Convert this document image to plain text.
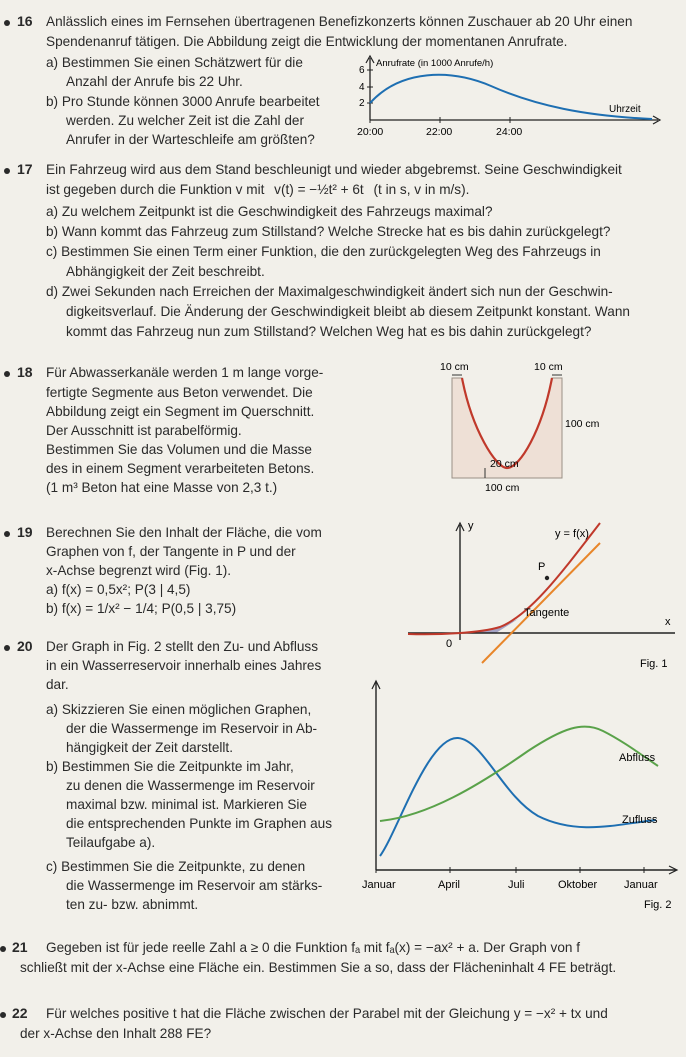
16 Anlässlich eines im Fernsehen übertragenen Benefizkonzerts können Zuschauer ab 20 Uhr einen
Spendenanruf tätigen. Die Abbildung zeigt die Entwicklung der momentanen Anrufrate.
a) Bestimmen Sie einen Schätzwert für die
Anzahl der Anrufe bis 22 Uhr.
b) Pro Stunde können 3000 Anrufe bearbeitet
werden. Zu welcher Zeit ist die Zahl der
Anrufer in der Warteschleife am größten?
6
4
2
20:00	22:00	24:00
Anrufrate (in 1000 Anrufe/h)
Uhrzeit
17 Ein Fahrzeug wird aus dem Stand beschleunigt und wieder abgebremst. Seine Geschwindigkeit
ist gegeben durch die Funktion v mit v(t) = −½t² + 6t (t in s, v in m/s).
a) Zu welchem Zeitpunkt ist die Geschwindigkeit des Fahrzeugs maximal?
b) Wann kommt das Fahrzeug zum Stillstand? Welche Strecke hat es bis dahin zurückgelegt?
c) Bestimmen Sie einen Term einer Funktion, die den zurückgelegten Weg des Fahrzeugs in
Abhängigkeit der Zeit beschreibt.
d) Zwei Sekunden nach Erreichen der Maximalgeschwindigkeit ändert sich nun der Geschwin-
digkeitsverlauf. Die Änderung der Geschwindigkeit bleibt ab diesem Zeitpunkt konstant. Wann
kommt das Fahrzeug nun zum Stillstand? Welchen Weg hat es bis dahin zurückgelegt?
18 Für Abwasserkanäle werden 1 m lange vorge-
fertigte Segmente aus Beton verwendet. Die
Abbildung zeigt ein Segment im Querschnitt.
Der Ausschnitt ist parabelförmig.
Bestimmen Sie das Volumen und die Masse
des in einem Segment verarbeiteten Betons.
(1 m³ Beton hat eine Masse von 2,3 t.)
10 cm	10 cm
100 cm
20 cm
100 cm
19 Berechnen Sie den Inhalt der Fläche, die vom
Graphen von f, der Tangente in P und der
x-Achse begrenzt wird (Fig. 1).
a) f(x) = 0,5x²; P(3 | 4,5)
b) f(x) = 1/x² − 1/4; P(0,5 | 3,75)
y
x
0
P
y = f(x)
Tangente
Fig. 1
20 Der Graph in Fig. 2 stellt den Zu- und Abfluss
in ein Wasserreservoir innerhalb eines Jahres
dar.
a) Skizzieren Sie einen möglichen Graphen,
der die Wassermenge im Reservoir in Ab-
hängigkeit der Zeit darstellt.
b) Bestimmen Sie die Zeitpunkte im Jahr,
zu denen die Wassermenge im Reservoir
maximal bzw. minimal ist. Markieren Sie
die entsprechenden Punkte im Graphen aus
Teilaufgabe a).
c) Bestimmen Sie die Zeitpunkte, zu denen
die Wassermenge im Reservoir am stärks-
ten zu- bzw. abnimmt.
Abfluss
Zufluss
Januar	April	Juli	Oktober Januar
Fig. 2
21 Gegeben ist für jede reelle Zahl a ≥ 0 die Funktion fₐ mit fₐ(x) = −ax² + a. Der Graph von f
schließt mit der x-Achse eine Fläche ein. Bestimmen Sie a so, dass der Flächeninhalt 4 FE beträgt.
22 Für welches positive t hat die Fläche zwischen der Parabel mit der Gleichung y = −x² + tx und
der x-Achse den Inhalt 288 FE?
